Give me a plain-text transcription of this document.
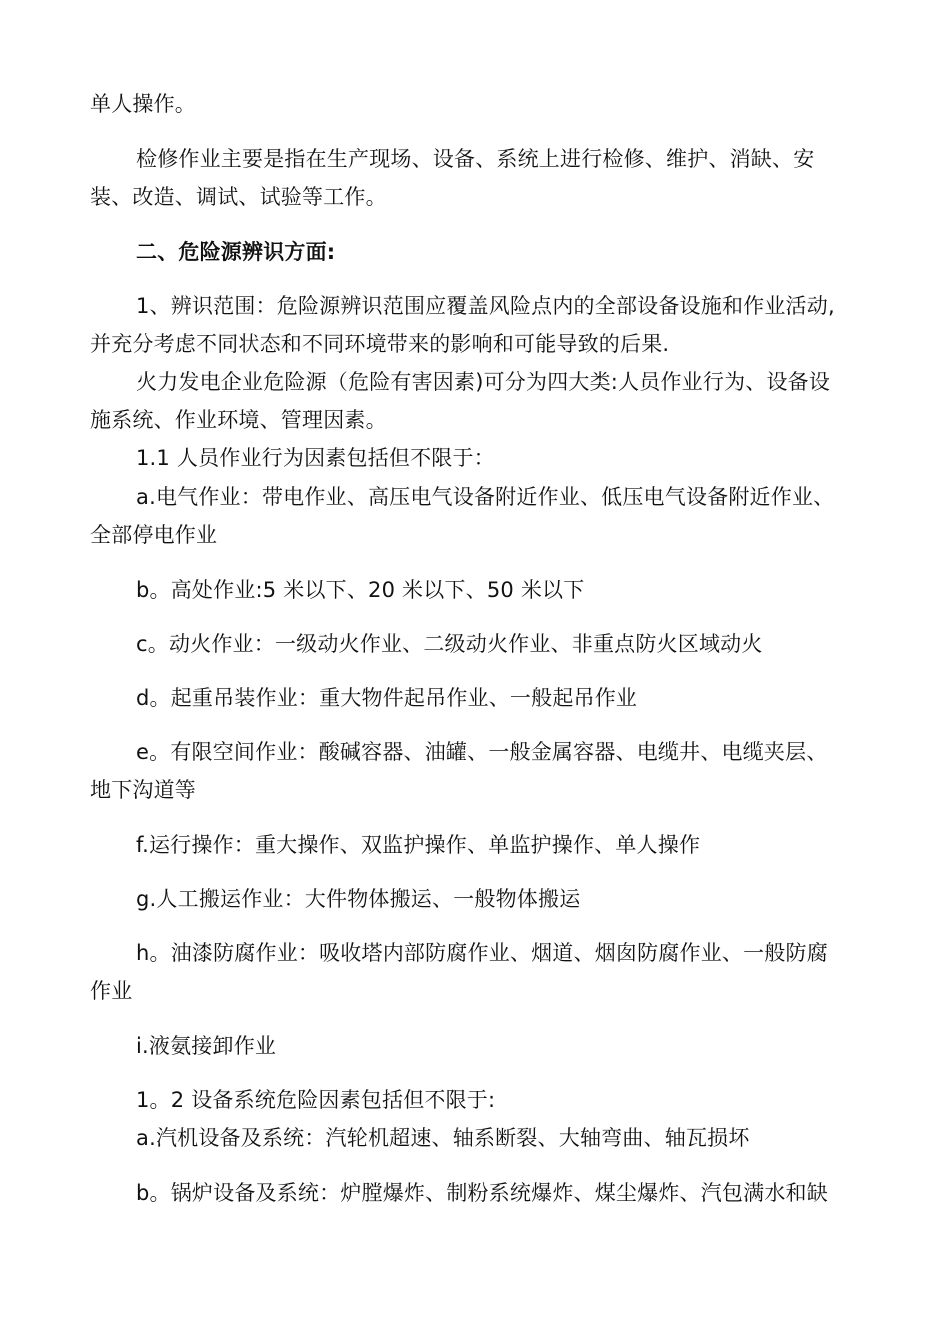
单人操作。
检修作业主要是指在生产现场、设备、系统上进行检修、维护、消缺、安
装、改造、调试、试验等工作。
二、危险源辨识方面:
1、辨识范围：危险源辨识范围应覆盖风险点内的全部设备设施和作业活动,
并充分考虑不同状态和不同环境带来的影响和可能导致的后果.
火力发电企业危险源（危险有害因素)可分为四大类:人员作业行为、设备设
施系统、作业环境、管理因素。
1.1 人员作业行为因素包括但不限于：
a.电气作业：带电作业、高压电气设备附近作业、低压电气设备附近作业、
全部停电作业
b。高处作业:5 米以下、20 米以下、50 米以下
c。动火作业：一级动火作业、二级动火作业、非重点防火区域动火
d。起重吊装作业：重大物件起吊作业、一般起吊作业
e。有限空间作业：酸碱容器、油罐、一般金属容器、电缆井、电缆夹层、
地下沟道等
f.运行操作：重大操作、双监护操作、单监护操作、单人操作
g.人工搬运作业：大件物体搬运、一般物体搬运
h。油漆防腐作业：吸收塔内部防腐作业、烟道、烟囱防腐作业、一般防腐
作业
i.液氨接卸作业
1。2 设备系统危险因素包括但不限于:
a.汽机设备及系统：汽轮机超速、轴系断裂、大轴弯曲、轴瓦损坏
b。锅炉设备及系统：炉膛爆炸、制粉系统爆炸、煤尘爆炸、汽包满水和缺
